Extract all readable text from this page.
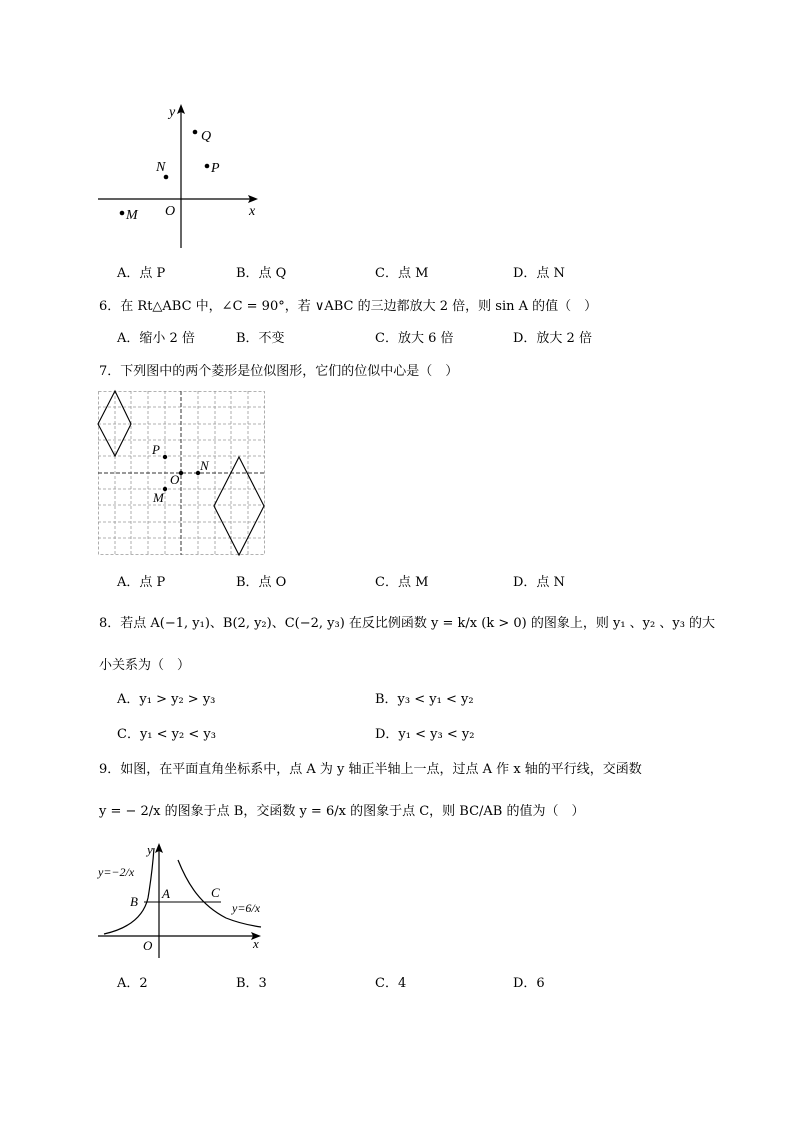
y
x
O
Q
P
N
M
A．点 P	B．点 Q	C．点 M	D．点 N
6．在 Rt△ABC 中，∠C = 90°，若 ∨ABC 的三边都放大 2 倍，则 sin A 的值（　）
A．缩小 2 倍	B．不变	C．放大 6 倍	D．放大 2 倍
7．下列图中的两个菱形是位似图形，它们的位似中心是（　）
P
O
N
M
A．点 P	B．点 O	C．点 M	D．点 N
8．若点 A(−1, y₁)、B(2, y₂)、C(−2, y₃) 在反比例函数 y = k/x (k > 0) 的图象上，则 y₁ 、y₂ 、y₃ 的大
小关系为（　）
A．y₁ > y₂ > y₃	B．y₃ < y₁ < y₂
C．y₁ < y₂ < y₃	D．y₁ < y₃ < y₂
9．如图，在平面直角坐标系中，点 A 为 y 轴正半轴上一点，过点 A 作 x 轴的平行线，交函数
y = − 2/x 的图象于点 B，交函数 y = 6/x 的图象于点 C，则 BC/AB 的值为（　）
y
x
O
A
B
C
y=−2/x
y=6/x
A．2	B．3	C．4	D．6
